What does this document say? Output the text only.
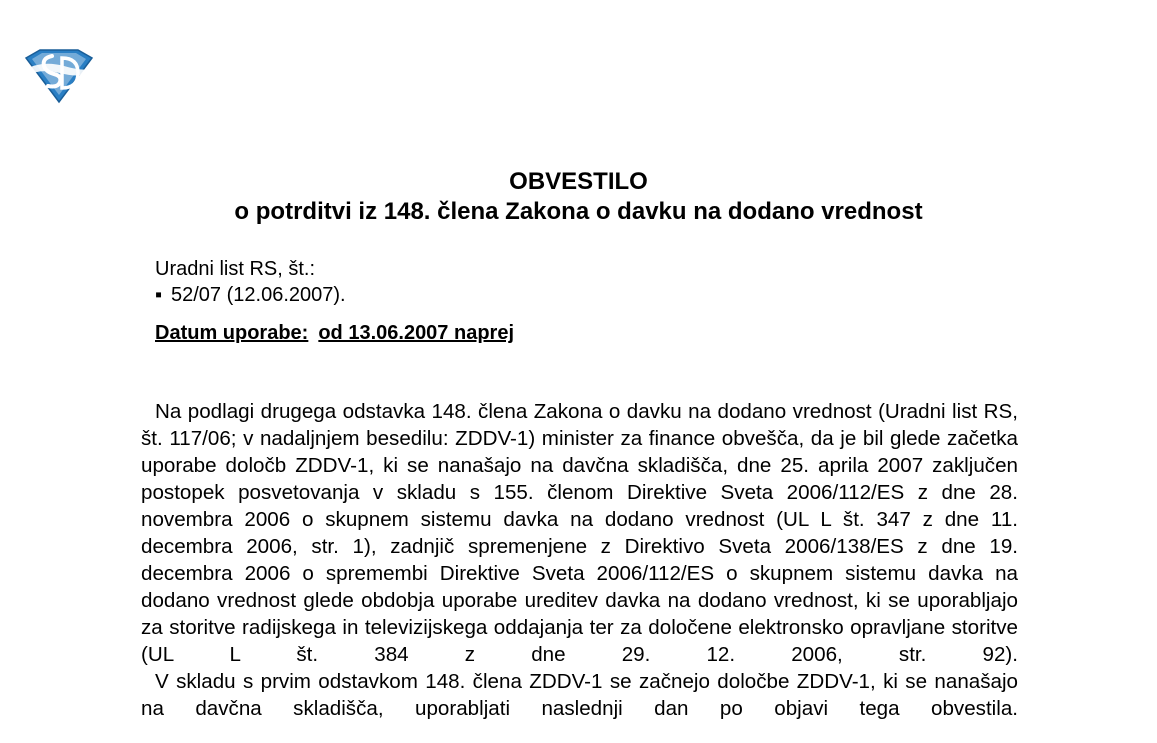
OBVESTILO
o potrditvi iz 148. člena Zakona o davku na dodano vrednost
Uradni list RS, št.:
▪ 52/07 (12.06.2007).
Datum uporabe: od 13.06.2007 naprej

Na podlagi drugega odstavka 148. člena Zakona o davku na dodano vrednost (Uradni list RS, št. 117/06; v nadaljnjem besedilu: ZDDV-1) minister za finance obvešča, da je bil glede začetka uporabe določb ZDDV-1, ki se nanašajo na davčna skladišča, dne 25. aprila 2007 zaključen postopek posvetovanja v skladu s 155. členom Direktive Sveta 2006/112/ES z dne 28. novembra 2006 o skupnem sistemu davka na dodano vrednost (UL L št. 347 z dne 11. decembra 2006, str. 1), zadnjič spremenjene z Direktivo Sveta 2006/138/ES z dne 19. decembra 2006 o spremembi Direktive Sveta 2006/112/ES o skupnem sistemu davka na dodano vrednost glede obdobja uporabe ureditev davka na dodano vrednost, ki se uporabljajo za storitve radijskega in televizijskega oddajanja ter za določene elektronsko opravljane storitve (UL L št. 384 z dne 29. 12. 2006, str. 92).

V skladu s prvim odstavkom 148. člena ZDDV-1 se začnejo določbe ZDDV-1, ki se nanašajo na davčna skladišča, uporabljati naslednji dan po objavi tega obvestila.
